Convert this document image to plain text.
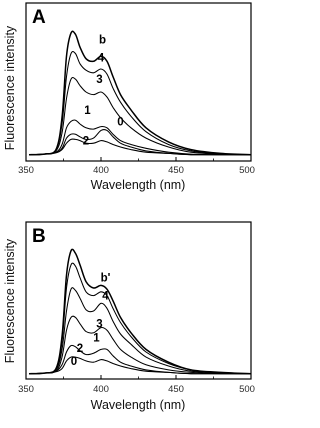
Fluorescence intensity	b
4
3
1
0
2
A
350	400	450	500
Wavelength (nm)
Fluorescence intensity	b'
4
3
1
2
0
B
350	400	450	500
Wavelength (nm)
